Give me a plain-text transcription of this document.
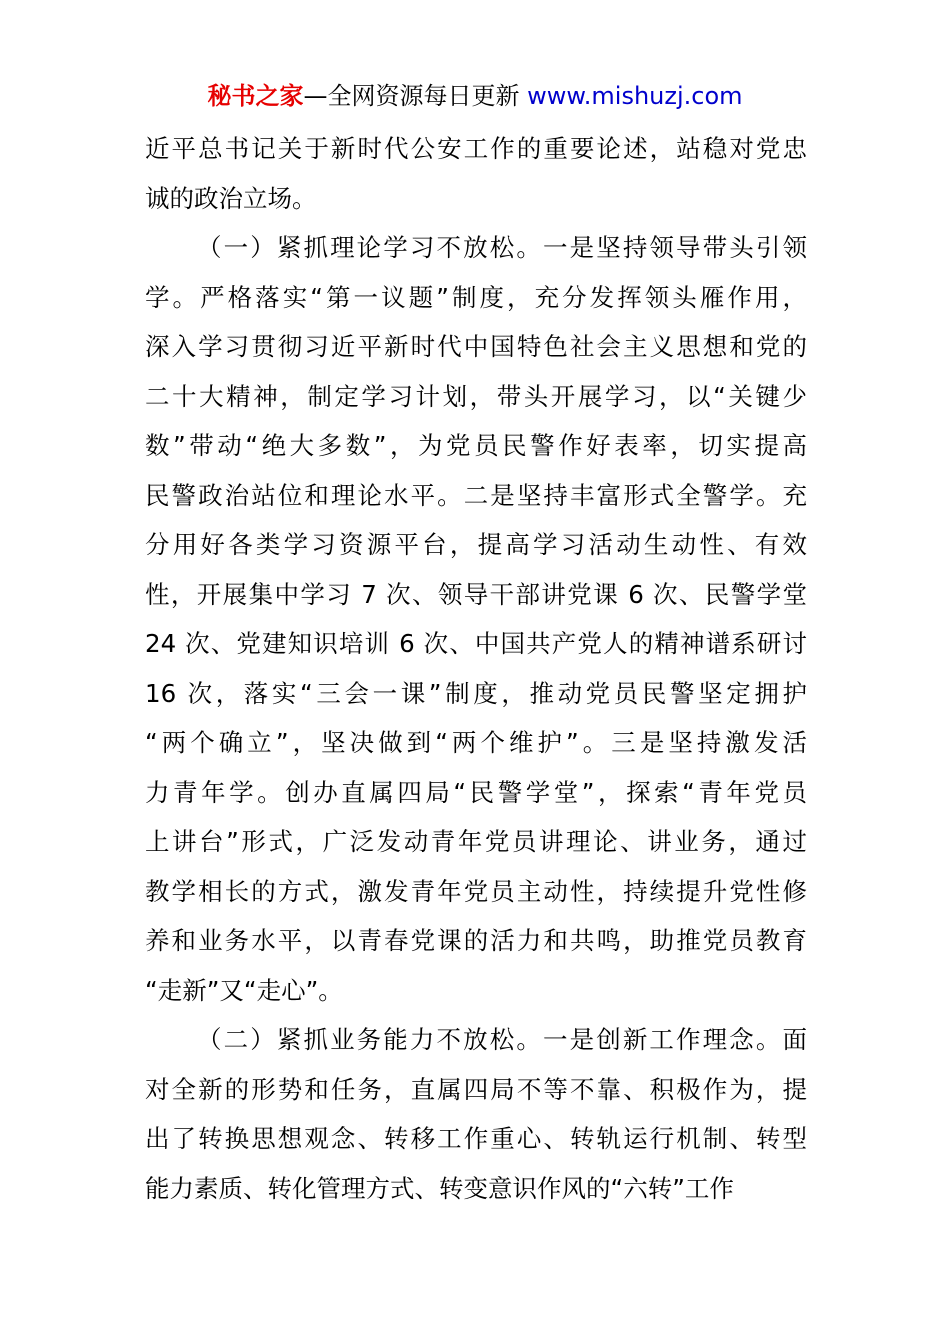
秘书之家—全网资源每日更新 www.mishuzj.com
近平总书记关于新时代公安工作的重要论述，站稳对党忠
诚的政治立场。
（一）紧抓理论学习不放松。一是坚持领导带头引领
学。严格落实“第一议题”制度，充分发挥领头雁作用，
深入学习贯彻习近平新时代中国特色社会主义思想和党的
二十大精神，制定学习计划，带头开展学习，以“关键少
数”带动“绝大多数”，为党员民警作好表率，切实提高
民警政治站位和理论水平。二是坚持丰富形式全警学。充
分用好各类学习资源平台，提高学习活动生动性、有效
性，开展集中学习 7 次、领导干部讲党课 6 次、民警学堂
24 次、党建知识培训 6 次、中国共产党人的精神谱系研讨
16 次，落实“三会一课”制度，推动党员民警坚定拥护
“两个确立”，坚决做到“两个维护”。三是坚持激发活
力青年学。创办直属四局“民警学堂”，探索“青年党员
上讲台”形式，广泛发动青年党员讲理论、讲业务，通过
教学相长的方式，激发青年党员主动性，持续提升党性修
养和业务水平，以青春党课的活力和共鸣，助推党员教育
“走新”又“走心”。
（二）紧抓业务能力不放松。一是创新工作理念。面
对全新的形势和任务，直属四局不等不靠、积极作为，提
出了转换思想观念、转移工作重心、转轨运行机制、转型
能力素质、转化管理方式、转变意识作风的“六转”工作
